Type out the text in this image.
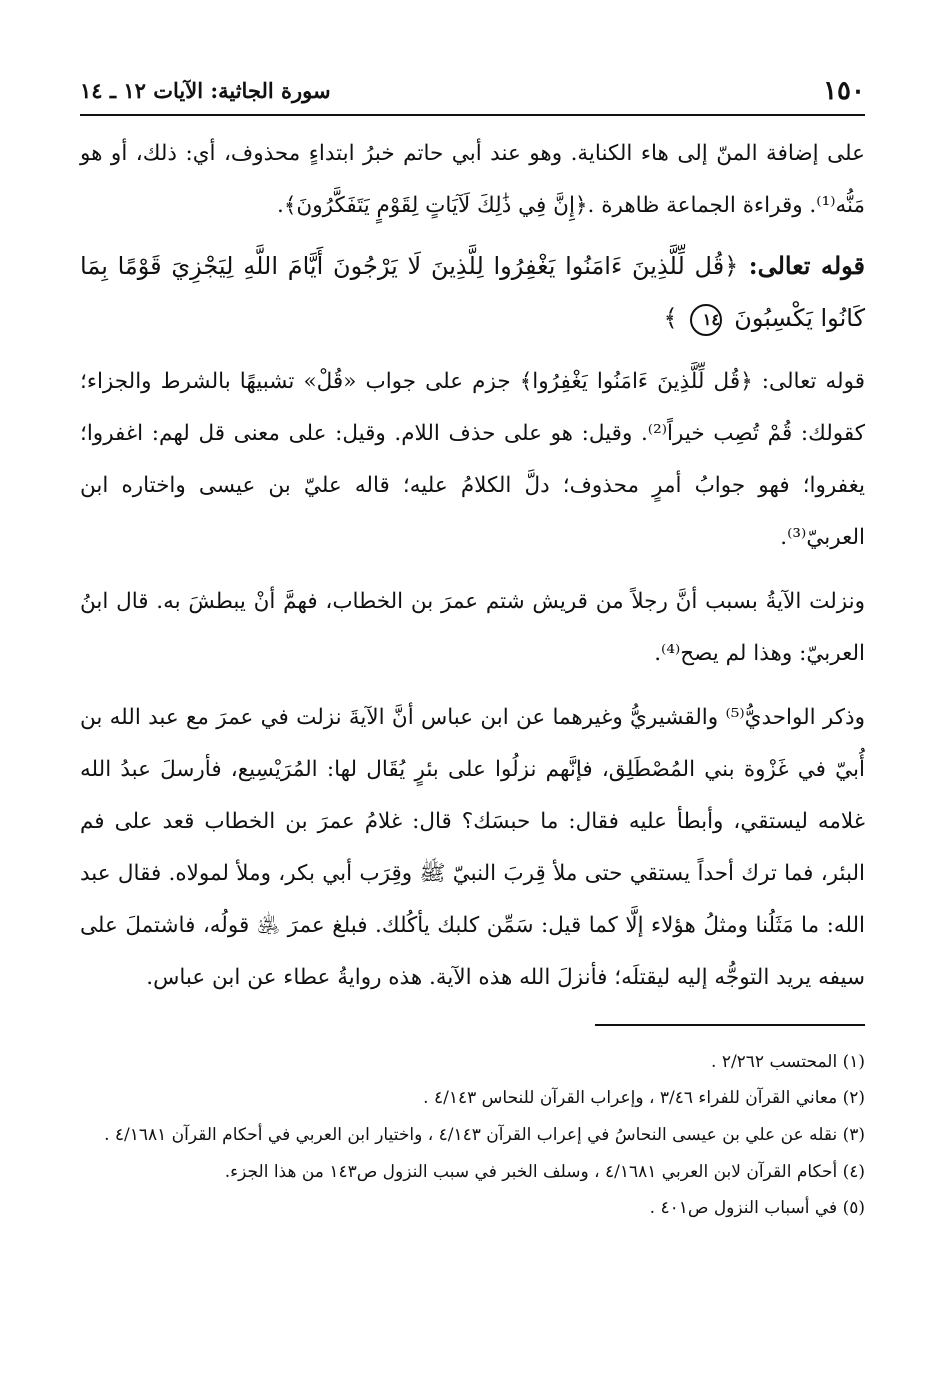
١٥٠
سورة الجاثية: الآيات ١٢ ـ ١٤

على إضافة المنّ إلى هاء الكناية. وهو عند أبي حاتم خبرُ ابتداءٍ محذوف، أي: ذلك، أو هو مَنُّه⁽¹⁾. وقراءة الجماعة ظاهرة .﴿إِنَّ فِي ذَٰلِكَ لَآيَاتٍ لِقَوْمٍ يَتَفَكَّرُونَ﴾.

قوله تعالى: ﴿قُل لِّلَّذِينَ ءَامَنُوا يَغْفِرُوا لِلَّذِينَ لَا يَرْجُونَ أَيَّامَ اللَّهِ لِيَجْزِيَ قَوْمًا بِمَا كَانُوا يَكْسِبُونَ ١٤ ﴾

قوله تعالى: ﴿قُل لِّلَّذِينَ ءَامَنُوا يَغْفِرُوا﴾ جزم على جواب «قُلْ» تشبيهًا بالشرط والجزاء؛ كقولك: قُمْ تُصِب خيراً⁽²⁾. وقيل: هو على حذف اللام. وقيل: على معنى قل لهم: اغفروا؛ يغفروا؛ فهو جوابُ أمرٍ محذوف؛ دلَّ الكلامُ عليه؛ قاله عليّ بن عيسى واختاره ابن العربيّ⁽³⁾.

ونزلت الآيةُ بسبب أنَّ رجلاً من قريش شتم عمرَ بن الخطاب، فهمَّ أنْ يبطشَ به. قال ابنُ العربيّ: وهذا لم يصح⁽⁴⁾.

وذكر الواحديُّ⁽⁵⁾ والقشيريُّ وغيرهما عن ابن عباس أنَّ الآيةَ نزلت في عمرَ مع عبد الله بن أُبيّ في غَزْوة بني المُصْطَلِق، فإنَّهم نزلُوا على بئرٍ يُقَال لها: المُرَيْسِيع، فأرسلَ عبدُ الله غلامه ليستقي، وأبطأ عليه فقال: ما حبسَك؟ قال: غلامُ عمرَ بن الخطاب قعد على فم البئر، فما ترك أحداً يستقي حتى ملأ قِربَ النبيّ ﷺ وقِرَب أبي بكر، وملأ لمولاه. فقال عبد الله: ما مَثَلُنا ومثلُ هؤلاء إلَّا كما قيل: سَمِّن كلبك يأكُلك. فبلغ عمرَ ﵁ قولُه، فاشتملَ على سيفه يريد التوجُّه إليه ليقتلَه؛ فأنزلَ الله هذه الآية. هذه روايةُ عطاء عن ابن عباس.

(١) المحتسب ٢/٢٦٢ .

(٢) معاني القرآن للفراء ٣/٤٦ ، وإعراب القرآن للنحاس ٤/١٤٣ .

(٣) نقله عن علي بن عيسى النحاسُ في إعراب القرآن ٤/١٤٣ ، واختيار ابن العربي في أحكام القرآن ٤/١٦٨١ .

(٤) أحكام القرآن لابن العربي ٤/١٦٨١ ، وسلف الخبر في سبب النزول ص١٤٣ من هذا الجزء.

(٥) في أسباب النزول ص٤٠١ .
